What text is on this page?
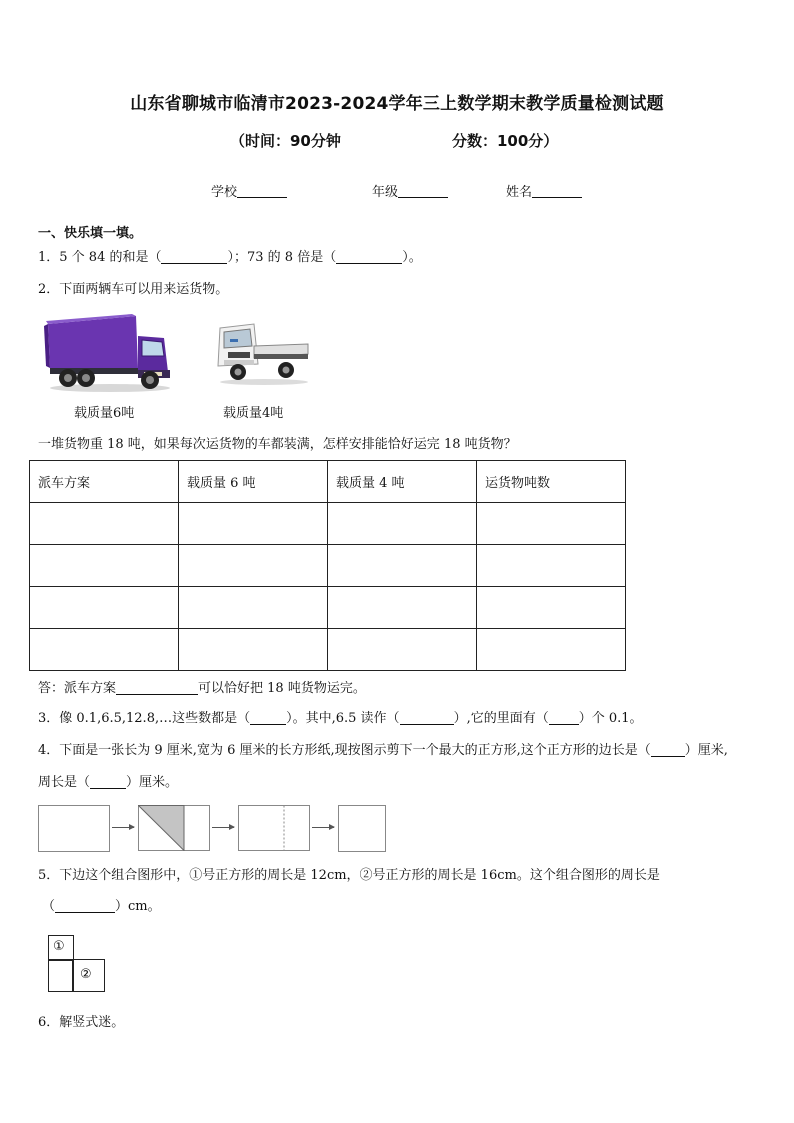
山东省聊城市临清市2023-2024学年三上数学期末教学质量检测试题
（时间：90分钟	分数：100分）
学校	年级	姓名
一、快乐填一填。
1．5 个 84 的和是（	）；73 的 8 倍是（	）。
2．下面两辆车可以用来运货物。
载质量6吨	载质量4吨
一堆货物重 18 吨，如果每次运货物的车都装满，怎样安排能恰好运完 18 吨货物？
派车方案	载质量 6 吨	载质量 4 吨	运货物吨数

答：派车方案	可以恰好把 18 吨货物运完。
3．像 0.1,6.5,12.8,…这些数都是（	）。其中,6.5 读作（	）,它的里面有（ ）个 0.1。
4．下面是一张长为 9 厘米,宽为 6 厘米的长方形纸,现按图示剪下一个最大的正方形,这个正方形的边长是（	）厘米,
周长是（	）厘米。
5．下边这个组合图形中，①号正方形的周长是 12cm，②号正方形的周长是 16cm。这个组合图形的周长是
（	）cm。
①
②
6．解竖式迷。
